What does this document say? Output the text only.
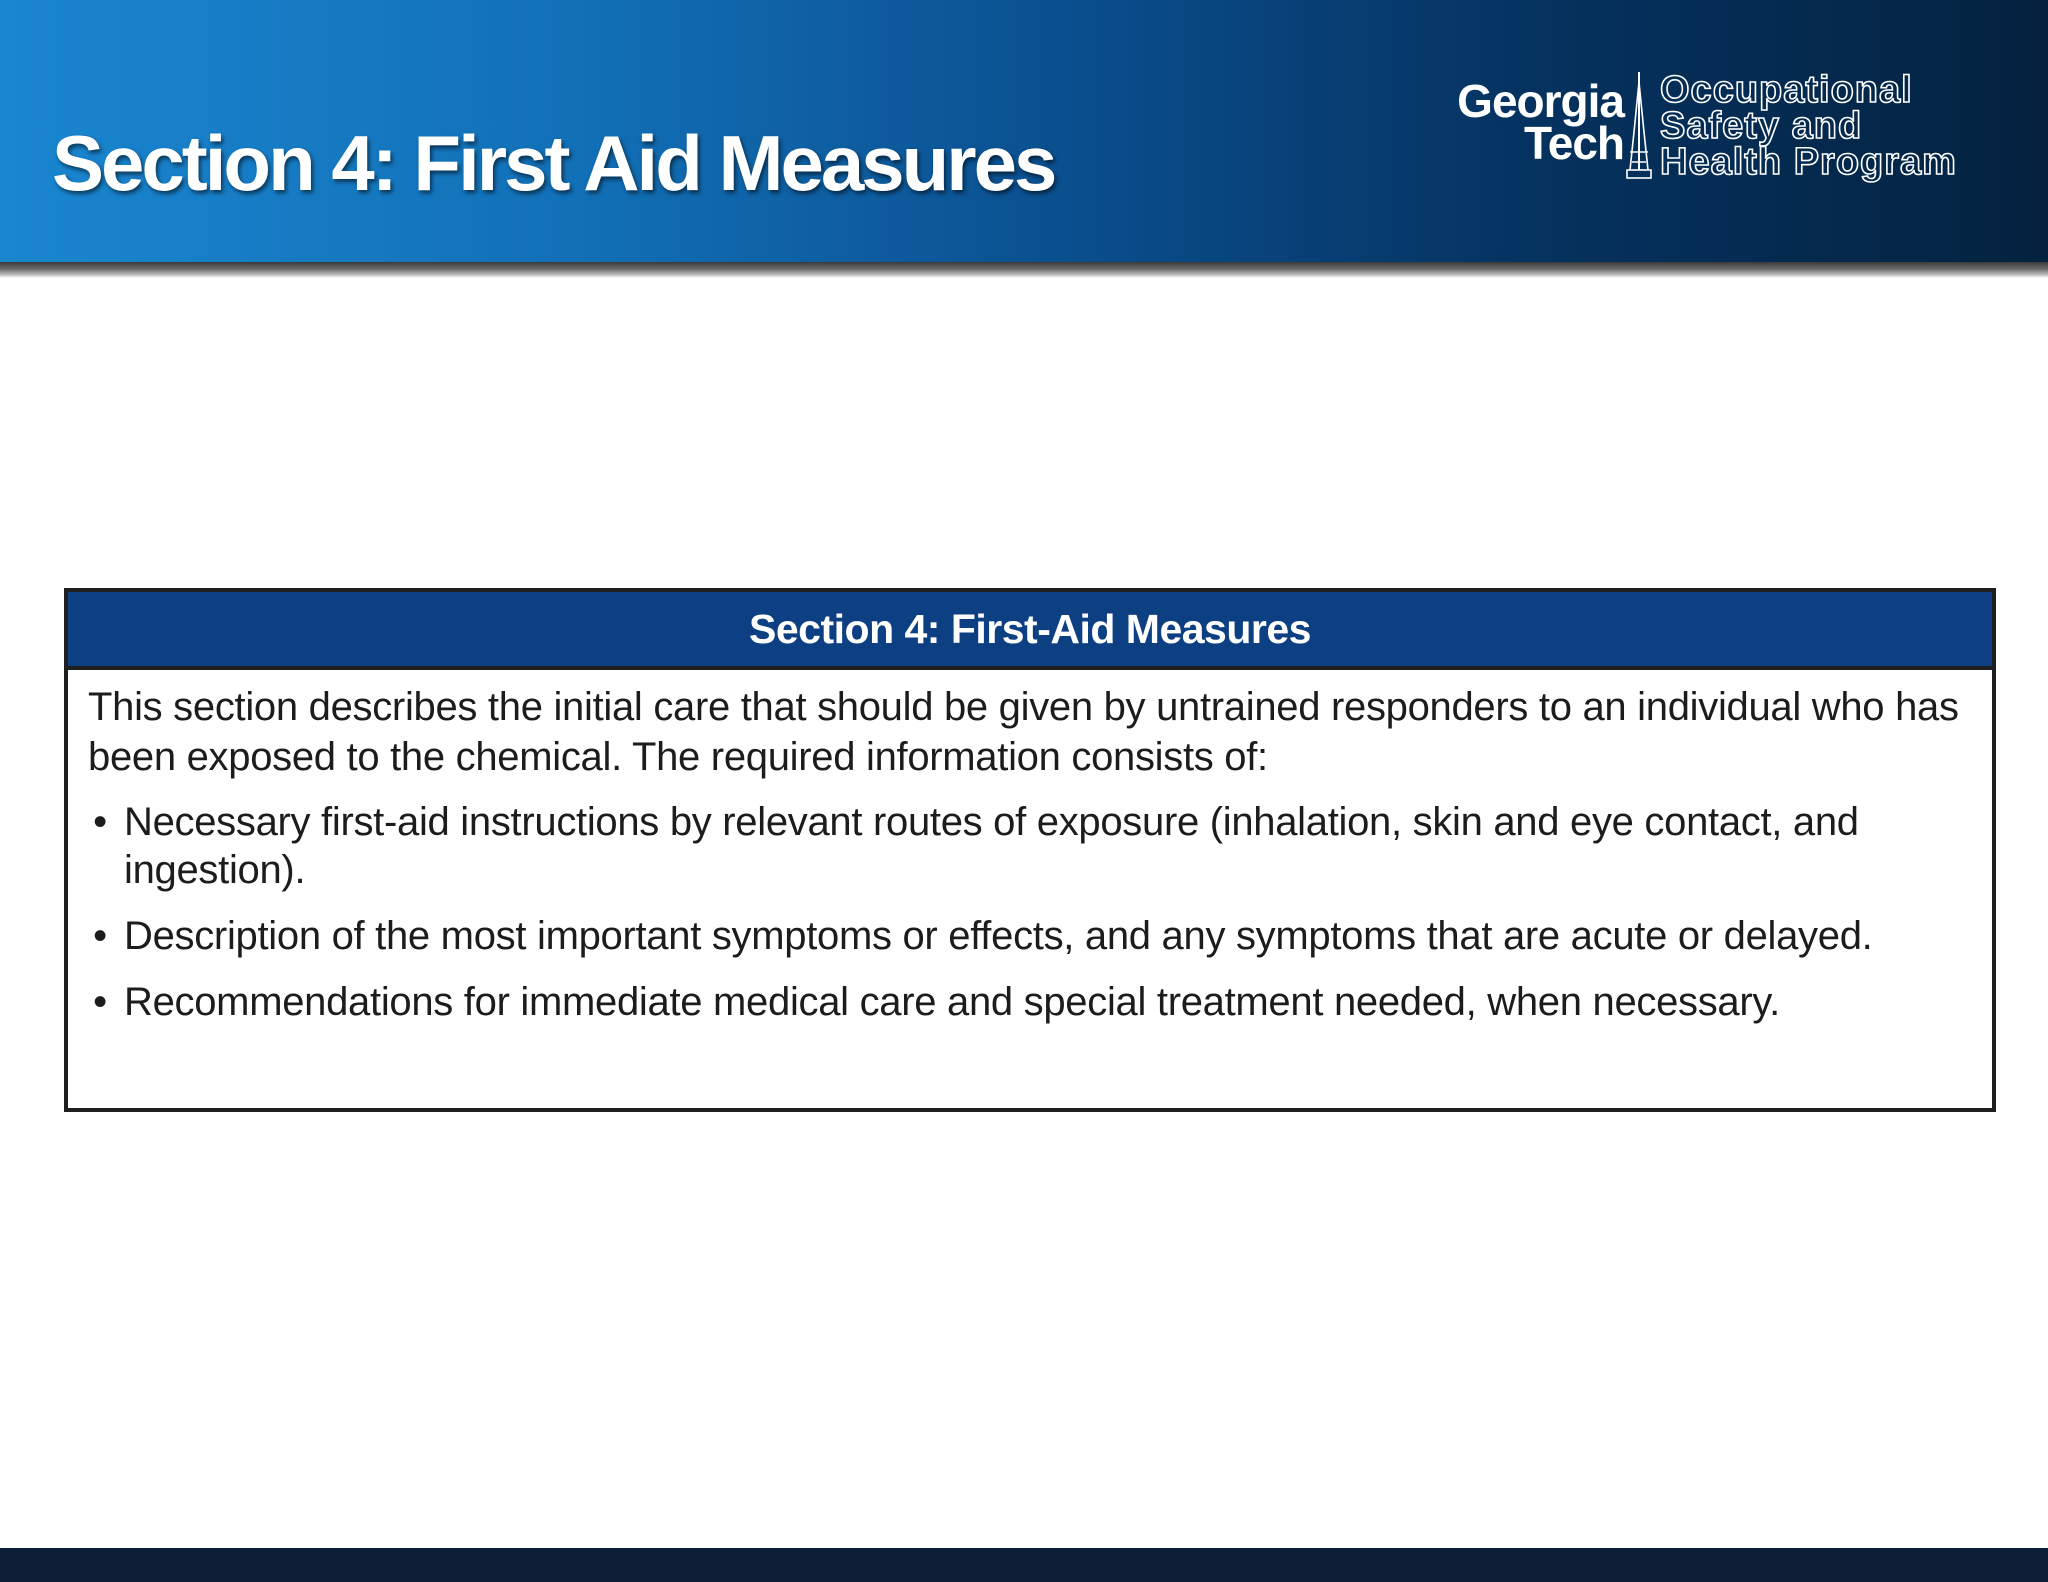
Section 4: First Aid Measures
Georgia
Tech
Occupational
Safety and
Health Program
Section 4: First-Aid Measures

This section describes the initial care that should be given by untrained responders to an individual who has been exposed to the chemical. The required information consists of:

• Necessary first-aid instructions by relevant routes of exposure (inhalation, skin and eye contact, and ingestion).
• Description of the most important symptoms or effects, and any symptoms that are acute or delayed.
• Recommendations for immediate medical care and special treatment needed, when necessary.
